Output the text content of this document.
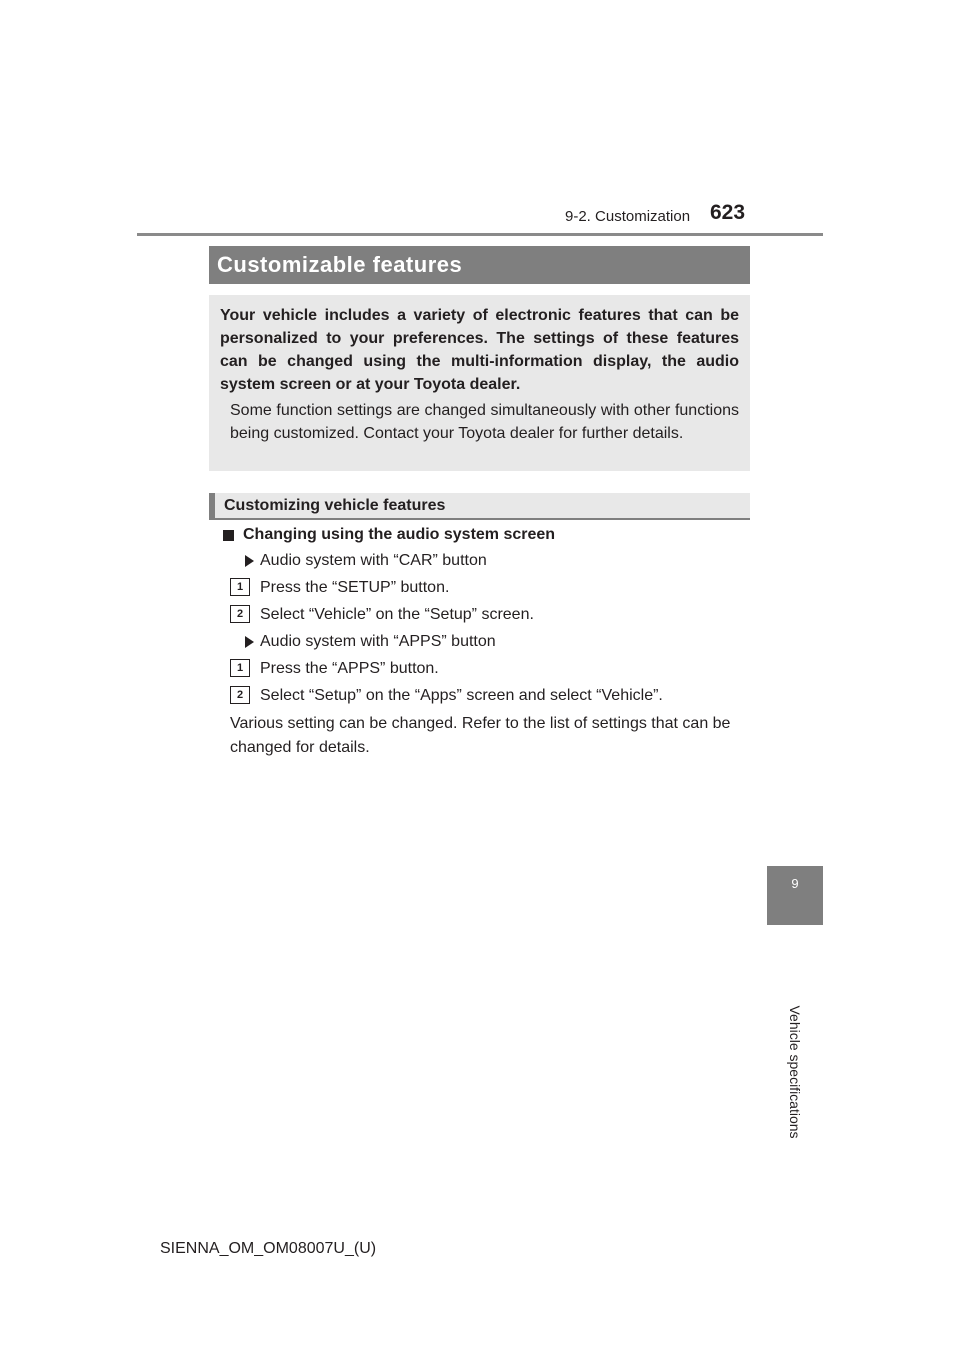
9-2. Customization 623
Customizable features
Your vehicle includes a variety of electronic features that can be personalized to your preferences. The settings of these features can be changed using the multi-information display, the audio system screen or at your Toyota dealer.
Some function settings are changed simultaneously with other functions being customized. Contact your Toyota dealer for further details.
Customizing vehicle features
Changing using the audio system screen
Audio system with “CAR” button
1	Press the “SETUP” button.
2	Select “Vehicle” on the “Setup” screen.
Audio system with “APPS” button
1	Press the “APPS” button.
2	Select “Setup” on the “Apps” screen and select “Vehicle”.
Various setting can be changed. Refer to the list of settings that can be changed for details.
9
Vehicle specifications
SIENNA_OM_OM08007U_(U)
